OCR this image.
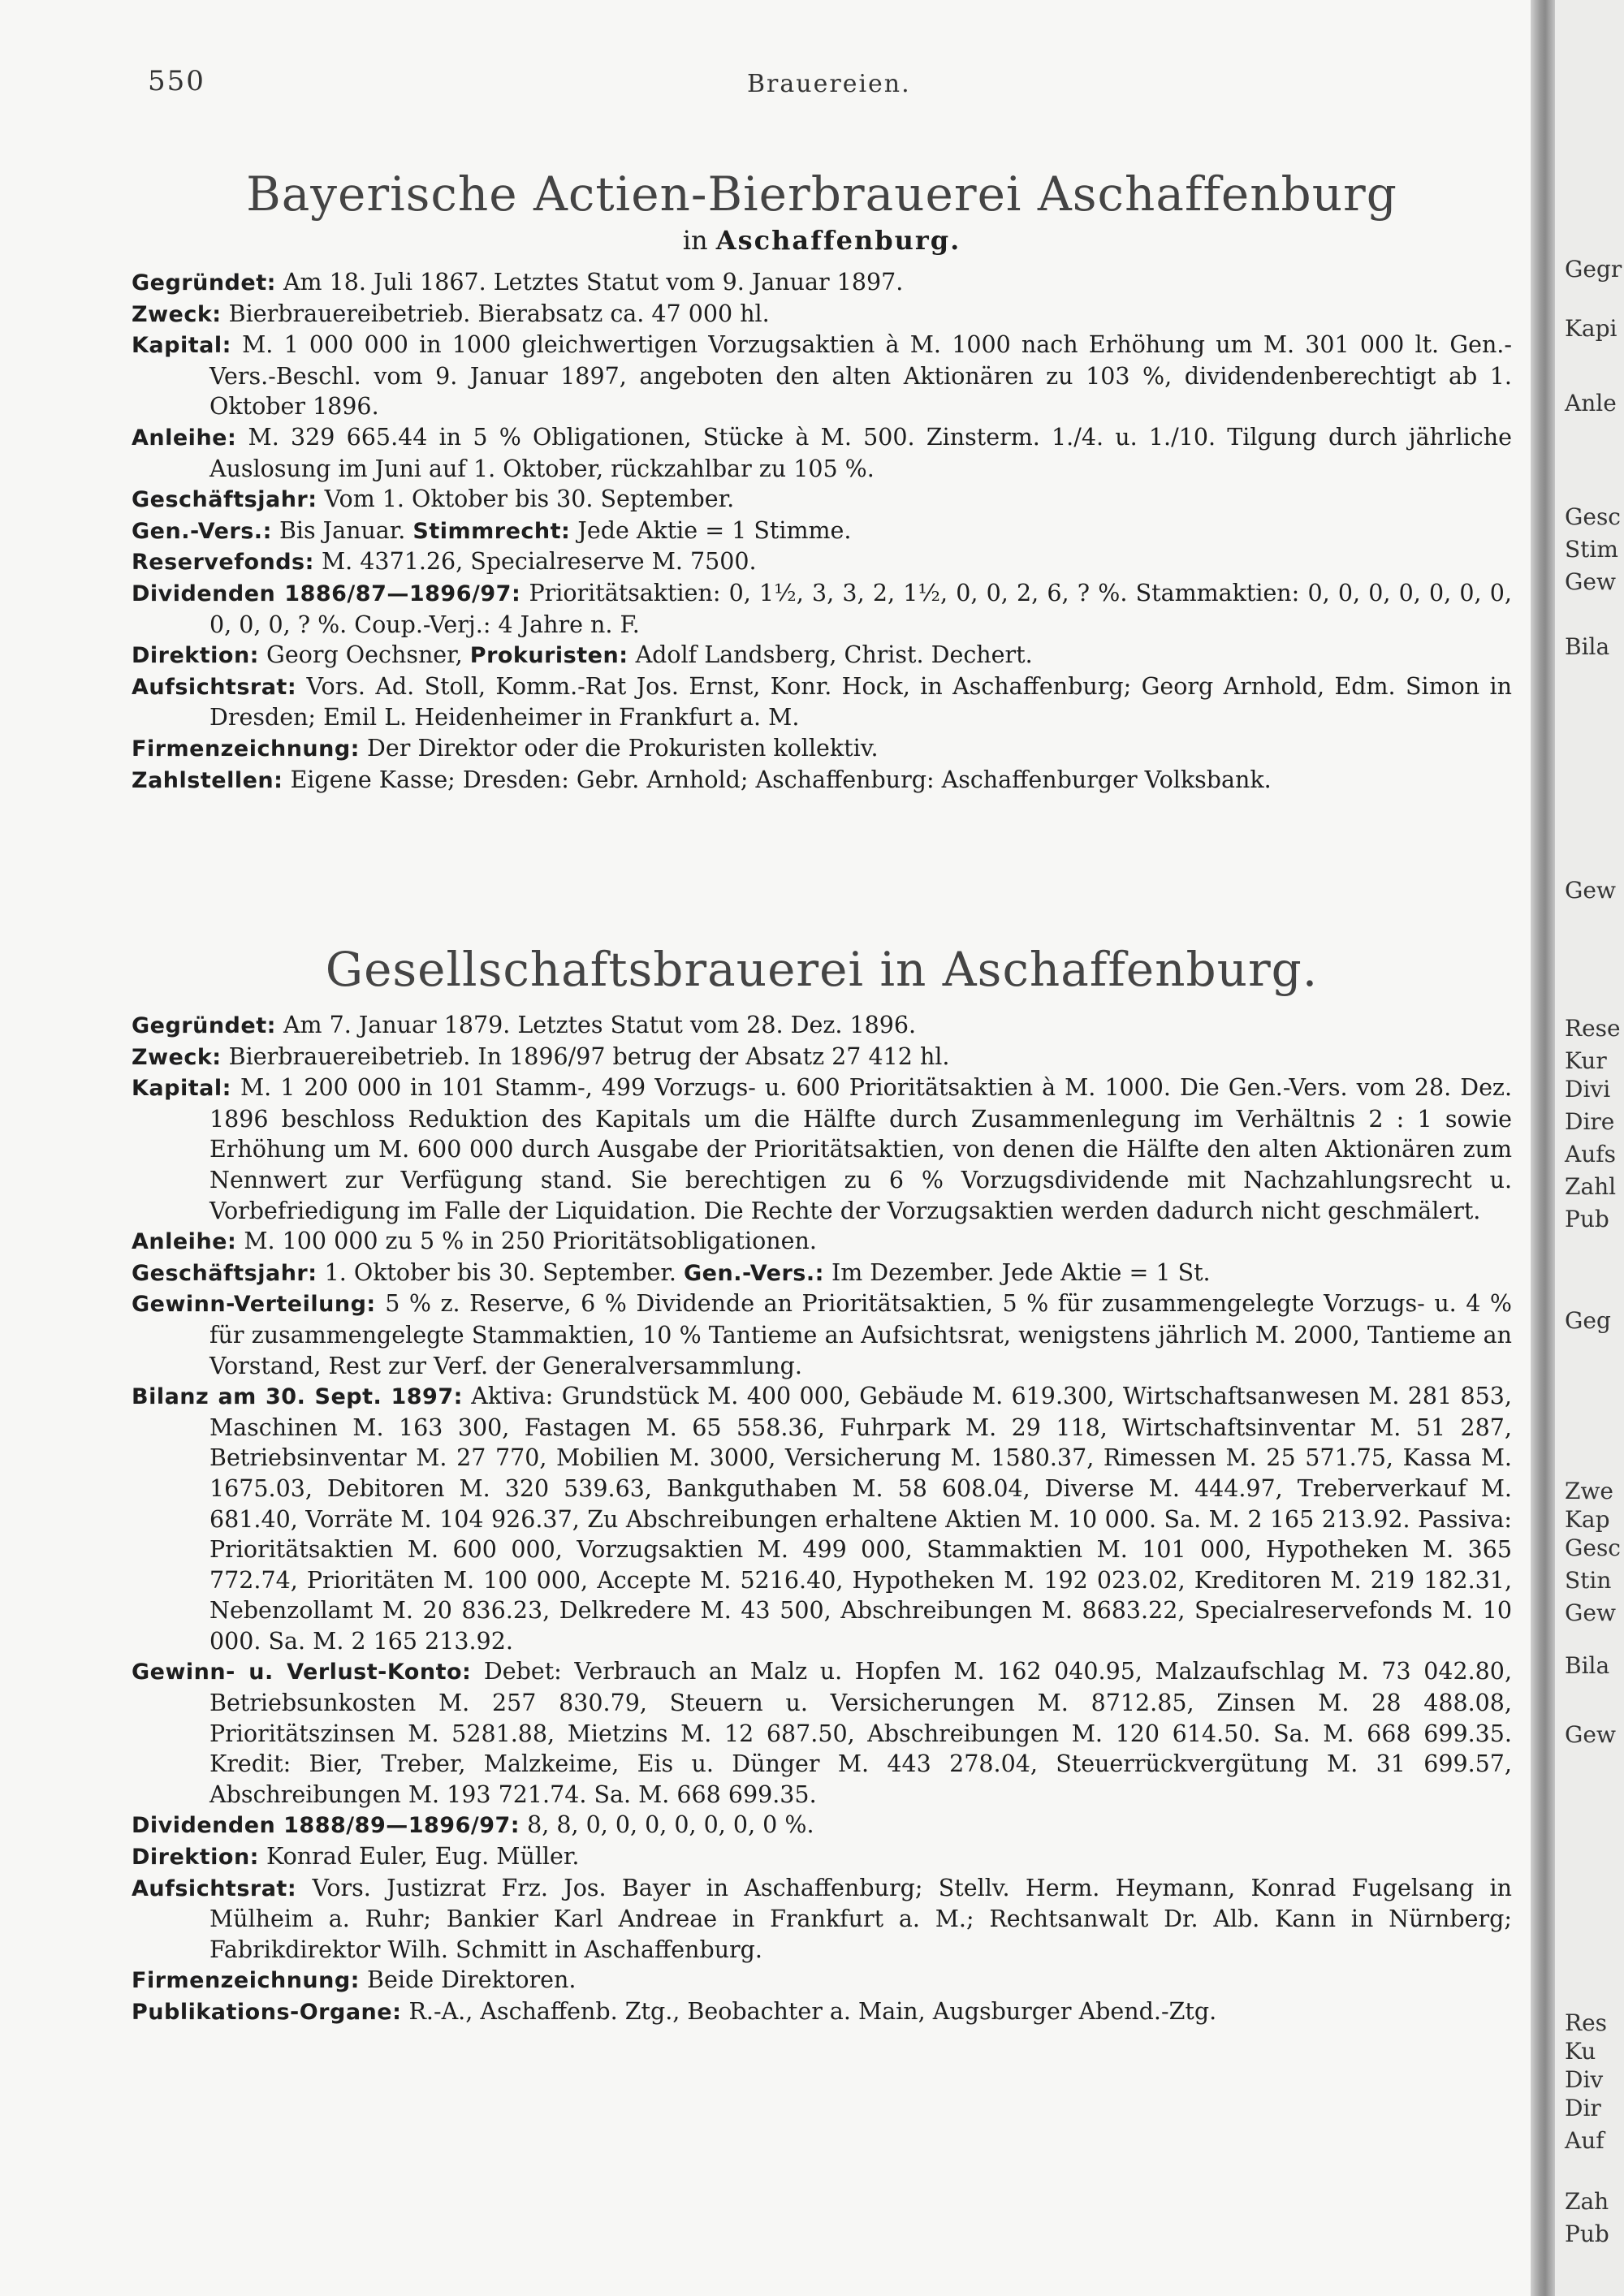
550	Brauereien.
Bayerische Actien-Bierbrauerei Aschaffenburg
in Aschaffenburg.

Gegründet: Am 18. Juli 1867. Letztes Statut vom 9. Januar 1897.

Zweck: Bierbrauereibetrieb. Bierabsatz ca. 47 000 hl.

Kapital: M. 1 000 000 in 1000 gleichwertigen Vorzugsaktien à M. 1000 nach Erhöhung um M. 301 000 lt. Gen.-Vers.-Beschl. vom 9. Januar 1897, angeboten den alten Aktionären zu 103 %, dividendenberechtigt ab 1. Oktober 1896.

Anleihe: M. 329 665.44 in 5 % Obligationen, Stücke à M. 500. Zinsterm. 1./4. u. 1./10. Tilgung durch jährliche Auslosung im Juni auf 1. Oktober, rückzahlbar zu 105 %.

Geschäftsjahr: Vom 1. Oktober bis 30. September.

Gen.-Vers.: Bis Januar. Stimmrecht: Jede Aktie = 1 Stimme.

Reservefonds: M. 4371.26, Specialreserve M. 7500.

Dividenden 1886/87—1896/97: Prioritätsaktien: 0, 1½, 3, 3, 2, 1½, 0, 0, 2, 6, ? %. Stammaktien: 0, 0, 0, 0, 0, 0, 0, 0, 0, 0, ? %. Coup.-Verj.: 4 Jahre n. F.

Direktion: Georg Oechsner, Prokuristen: Adolf Landsberg, Christ. Dechert.

Aufsichtsrat: Vors. Ad. Stoll, Komm.-Rat Jos. Ernst, Konr. Hock, in Aschaffenburg; Georg Arnhold, Edm. Simon in Dresden; Emil L. Heidenheimer in Frankfurt a. M.

Firmenzeichnung: Der Direktor oder die Prokuristen kollektiv.

Zahlstellen: Eigene Kasse; Dresden: Gebr. Arnhold; Aschaffenburg: Aschaffenburger Volksbank.

Gesellschaftsbrauerei in Aschaffenburg.

Gegründet: Am 7. Januar 1879. Letztes Statut vom 28. Dez. 1896.

Zweck: Bierbrauereibetrieb. In 1896/97 betrug der Absatz 27 412 hl.

Kapital: M. 1 200 000 in 101 Stamm-, 499 Vorzugs- u. 600 Prioritätsaktien à M. 1000. Die Gen.-Vers. vom 28. Dez. 1896 beschloss Reduktion des Kapitals um die Hälfte durch Zusammenlegung im Verhältnis 2 : 1 sowie Erhöhung um M. 600 000 durch Ausgabe der Prioritätsaktien, von denen die Hälfte den alten Aktionären zum Nennwert zur Verfügung stand. Sie berechtigen zu 6 % Vorzugsdividende mit Nachzahlungsrecht u. Vorbefriedigung im Falle der Liquidation. Die Rechte der Vorzugsaktien werden dadurch nicht geschmälert.

Anleihe: M. 100 000 zu 5 % in 250 Prioritätsobligationen.

Geschäftsjahr: 1. Oktober bis 30. September. Gen.-Vers.: Im Dezember. Jede Aktie = 1 St.

Gewinn-Verteilung: 5 % z. Reserve, 6 % Dividende an Prioritätsaktien, 5 % für zusammengelegte Vorzugs- u. 4 % für zusammengelegte Stammaktien, 10 % Tantieme an Aufsichtsrat, wenigstens jährlich M. 2000, Tantieme an Vorstand, Rest zur Verf. der Generalversammlung.

Bilanz am 30. Sept. 1897: Aktiva: Grundstück M. 400 000, Gebäude M. 619.300, Wirtschaftsanwesen M. 281 853, Maschinen M. 163 300, Fastagen M. 65 558.36, Fuhrpark M. 29 118, Wirtschaftsinventar M. 51 287, Betriebsinventar M. 27 770, Mobilien M. 3000, Versicherung M. 1580.37, Rimessen M. 25 571.75, Kassa M. 1675.03, Debitoren M. 320 539.63, Bankguthaben M. 58 608.04, Diverse M. 444.97, Treberverkauf M. 681.40, Vorräte M. 104 926.37, Zu Abschreibungen erhaltene Aktien M. 10 000. Sa. M. 2 165 213.92. Passiva: Prioritätsaktien M. 600 000, Vorzugsaktien M. 499 000, Stammaktien M. 101 000, Hypotheken M. 365 772.74, Prioritäten M. 100 000, Accepte M. 5216.40, Hypotheken M. 192 023.02, Kreditoren M. 219 182.31, Nebenzollamt M. 20 836.23, Delkredere M. 43 500, Abschreibungen M. 8683.22, Specialreservefonds M. 10 000. Sa. M. 2 165 213.92.

Gewinn- u. Verlust-Konto: Debet: Verbrauch an Malz u. Hopfen M. 162 040.95, Malzaufschlag M. 73 042.80, Betriebsunkosten M. 257 830.79, Steuern u. Versicherungen M. 8712.85, Zinsen M. 28 488.08, Prioritätszinsen M. 5281.88, Mietzins M. 12 687.50, Abschreibungen M. 120 614.50. Sa. M. 668 699.35. Kredit: Bier, Treber, Malzkeime, Eis u. Dünger M. 443 278.04, Steuerrückvergütung M. 31 699.57, Abschreibungen M. 193 721.74. Sa. M. 668 699.35.

Dividenden 1888/89—1896/97: 8, 8, 0, 0, 0, 0, 0, 0, 0 %.

Direktion: Konrad Euler, Eug. Müller.

Aufsichtsrat: Vors. Justizrat Frz. Jos. Bayer in Aschaffenburg; Stellv. Herm. Heymann, Konrad Fugelsang in Mülheim a. Ruhr; Bankier Karl Andreae in Frankfurt a. M.; Rechtsanwalt Dr. Alb. Kann in Nürnberg; Fabrikdirektor Wilh. Schmitt in Aschaffenburg.

Firmenzeichnung: Beide Direktoren.

Publikations-Organe: R.-A., Aschaffenb. Ztg., Beobachter a. Main, Augsburger Abend.-Ztg.

Gegr
Kapi
Anle
Gesc
Stim
Gew
Bila
Gew
Rese
Kur
Divi
Dire
Aufs
Zahl
Pub
Geg
Zwe
Kap
Gesc
Stin
Gew
Bila
Gew
Res
Ku
Div
Dir
Auf
Zah
Pub
